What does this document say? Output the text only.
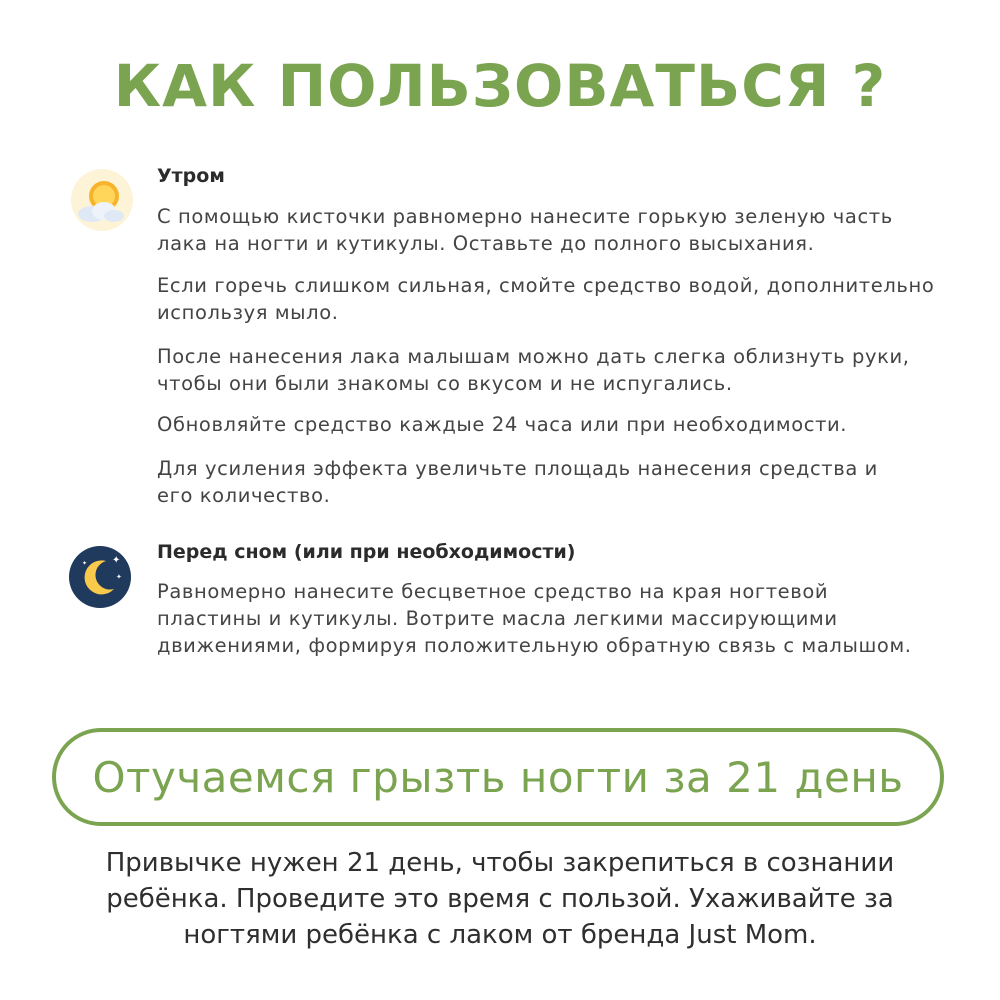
КАК ПОЛЬЗОВАТЬСЯ ?
Утром
С помощью кисточки равномерно нанесите горькую зеленую часть лака на ногти и кутикулы. Оставьте до полного высыхания.
Если горечь слишком сильная, смойте средство водой, дополнительно используя мыло.
После нанесения лака малышам можно дать слегка облизнуть руки, чтобы они были знакомы со вкусом и не испугались.
Обновляйте средство каждые 24 часа или при необходимости.
Для усиления эффекта увеличьте площадь нанесения средства и его количество.
✦
✦
✦
Перед сном (или при необходимости)
Равномерно нанесите бесцветное средство на края ногтевой пластины и кутикулы. Вотрите масла легкими массирующими движениями, формируя положительную обратную связь с малышом.
Отучаемся грызть ногти за 21 день
Привычке нужен 21 день, чтобы закрепиться в сознании ребёнка. Проведите это время с пользой. Ухаживайте за ногтями ребёнка с лаком от бренда Just Mom.
